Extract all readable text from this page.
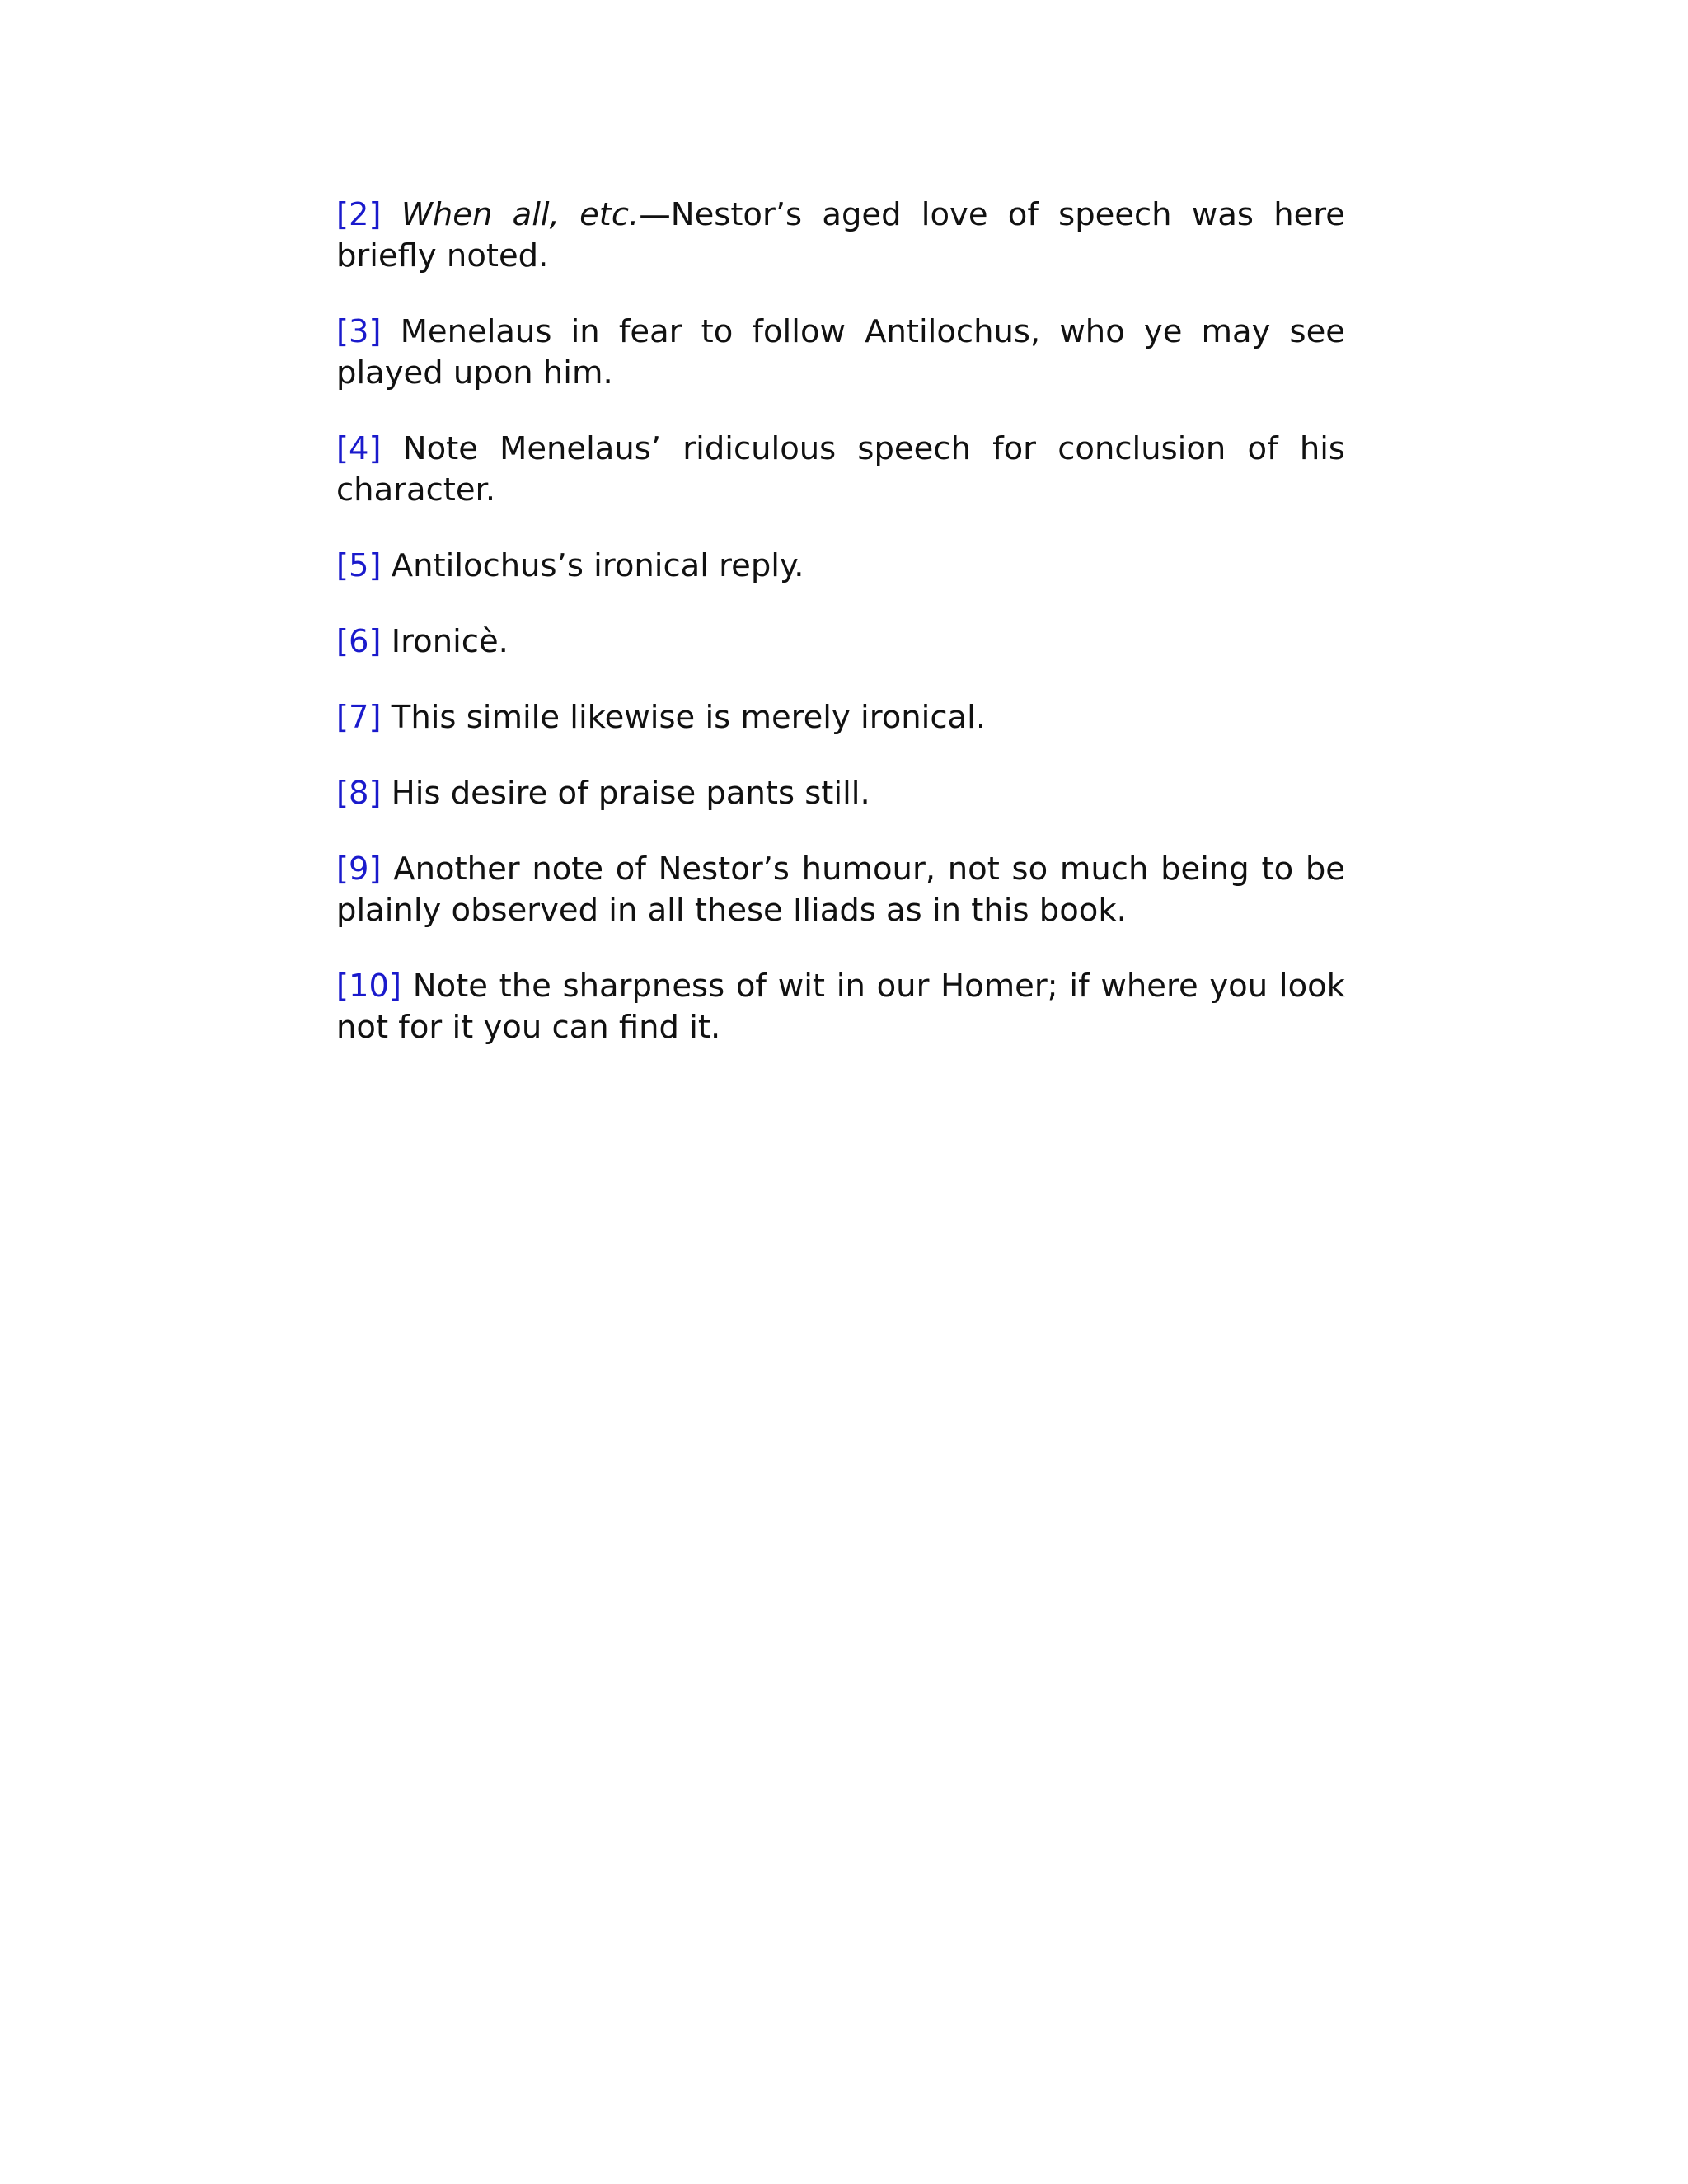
[2] When all, etc.—Nestor’s aged love of speech was here briefly noted.

[3] Menelaus in fear to follow Antilochus, who ye may see played upon him.

[4] Note Menelaus’ ridiculous speech for conclusion of his character.

[5] Antilochus’s ironical reply.

[6] Ironicè.

[7] This simile likewise is merely ironical.

[8] His desire of praise pants still.

[9] Another note of Nestor’s humour, not so much being to be plainly observed in all these Iliads as in this book.

[10] Note the sharpness of wit in our Homer; if where you look not for it you can find it.
